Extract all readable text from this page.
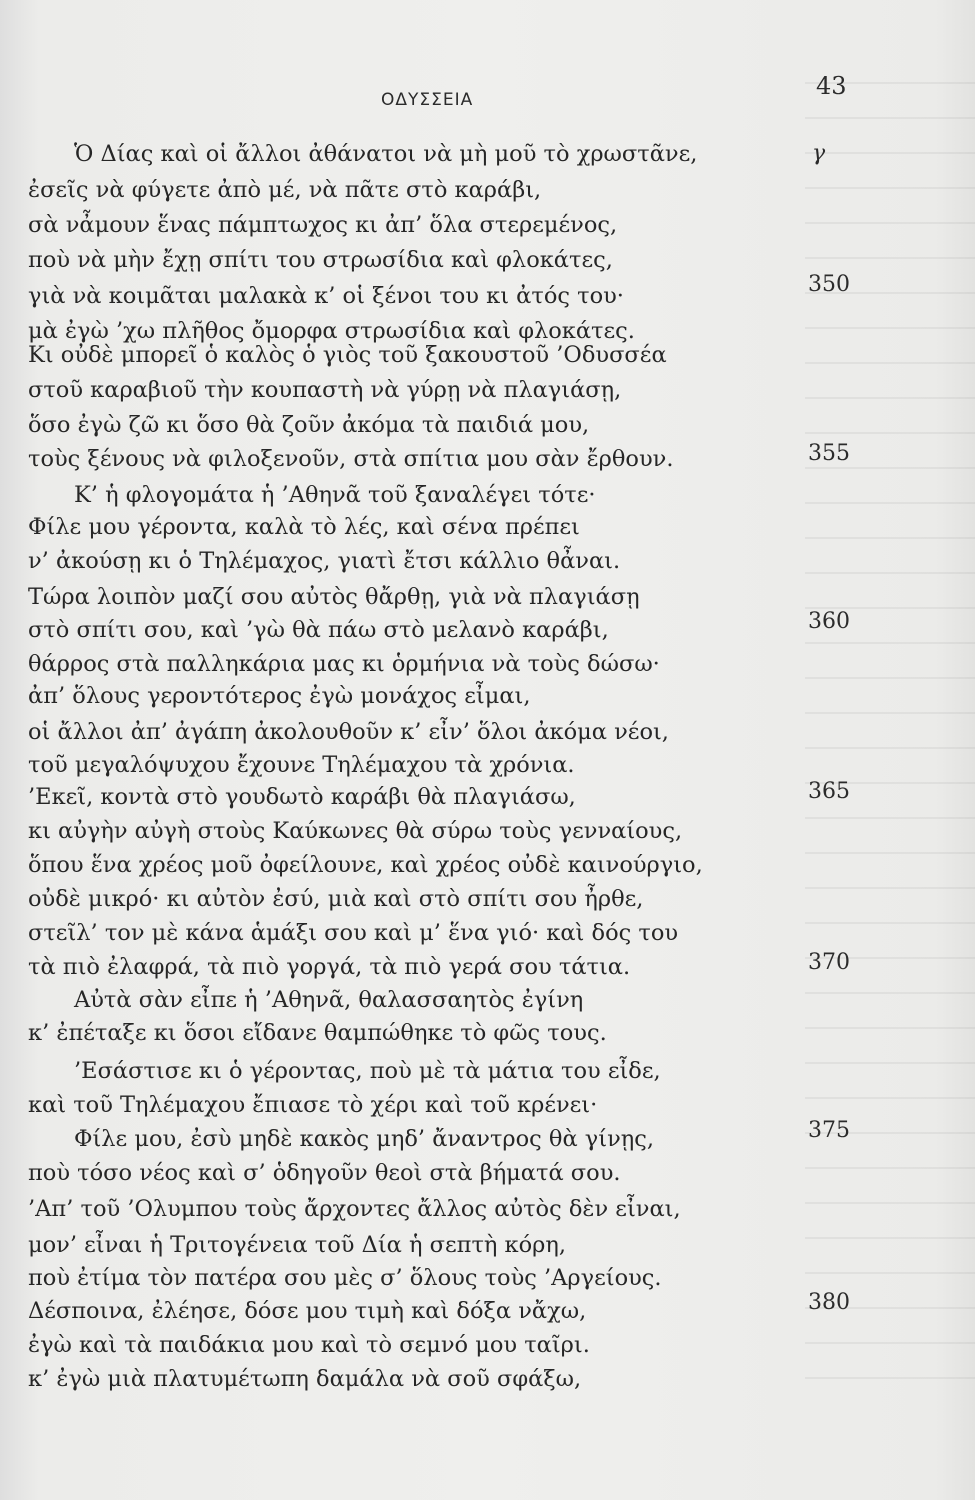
ΟΔΥΣΣΕΙΑ	43
γ
Ὁ Δίας καὶ οἱ ἄλλοι ἀθάνατοι νὰ μὴ μοῦ τὸ χρωστᾶνε,
ἐσεῖς νὰ φύγετε ἀπὸ μέ, νὰ πᾶτε στὸ καράβι,
σὰ νἆμουν ἕνας πάμπτωχος κι ἀπ’ ὅλα στερεμένος,
ποὺ νὰ μὴν ἔχῃ σπίτι του στρωσίδια καὶ φλοκάτες,
γιὰ νὰ κοιμᾶται μαλακὰ κ’ οἱ ξένοι του κι ἀτός του·
μὰ ἐγὼ ’χω πλῆθος ὄμορφα στρωσίδια καὶ φλοκάτες.
Κι οὐδὲ μπορεῖ ὁ καλὸς ὁ γιὸς τοῦ ξακουστοῦ ’Οδυσσέα
στοῦ καραβιοῦ τὴν κουπαστὴ νὰ γύρῃ νὰ πλαγιάσῃ,
ὅσο ἐγὼ ζῶ κι ὅσο θὰ ζοῦν ἀκόμα τὰ παιδιά μου,
τοὺς ξένους νὰ φιλοξενοῦν, στὰ σπίτια μου σὰν ἔρθουν.
Κ’ ἡ φλογομάτα ἡ ’Αθηνᾶ τοῦ ξαναλέγει τότε·
Φίλε μου γέροντα, καλὰ τὸ λές, καὶ σένα πρέπει
ν’ ἀκούσῃ κι ὁ Τηλέμαχος, γιατὶ ἔτσι κάλλιο θἆναι.
Τώρα λοιπὸν μαζί σου αὐτὸς θἄρθῃ, γιὰ νὰ πλαγιάσῃ
στὸ σπίτι σου, καὶ ’γὼ θὰ πάω στὸ μελανὸ καράβι,
θάρρος στὰ παλληκάρια μας κι ὁρμήνια νὰ τοὺς δώσω·
ἀπ’ ὅλους γεροντότερος ἐγὼ μονάχος εἶμαι,
οἱ ἄλλοι ἀπ’ ἀγάπη ἀκολουθοῦν κ’ εἶν’ ὅλοι ἀκόμα νέοι,
τοῦ μεγαλόψυχου ἔχουνε Τηλέμαχου τὰ χρόνια.
’Εκεῖ, κοντὰ στὸ γουδωτὸ καράβι θὰ πλαγιάσω,
κι αὐγὴν αὐγὴ στοὺς Καύκωνες θὰ σύρω τοὺς γενναίους,
ὅπου ἕνα χρέος μοῦ ὀφείλουνε, καὶ χρέος οὐδὲ καινούργιο,
οὐδὲ μικρό· κι αὐτὸν ἐσύ, μιὰ καὶ στὸ σπίτι σου ἦρθε,
στεῖλ’ τον μὲ κάνα ἁμάξι σου καὶ μ’ ἕνα γιό· καὶ δός του
τὰ πιὸ ἐλαφρά, τὰ πιὸ γοργά, τὰ πιὸ γερά σου τάτια.
Αὐτὰ σὰν εἶπε ἡ ’Αθηνᾶ, θαλασσαητὸς ἐγίνη
κ’ ἐπέταξε κι ὅσοι εἴδανε θαμπώθηκε τὸ φῶς τους.
’Εσάστισε κι ὁ γέροντας, ποὺ μὲ τὰ μάτια του εἶδε,
καὶ τοῦ Τηλέμαχου ἔπιασε τὸ χέρι καὶ τοῦ κρένει·
Φίλε μου, ἐσὺ μηδὲ κακὸς μηδ’ ἄναντρος θὰ γίνῃς,
ποὺ τόσο νέος καὶ σ’ ὁδηγοῦν θεοὶ στὰ βήματά σου.
’Απ’ τοῦ ’Ολυμπου τοὺς ἄρχοντες ἄλλος αὐτὸς δὲν εἶναι,
μον’ εἶναι ἡ Τριτογένεια τοῦ Δία ἡ σεπτὴ κόρη,
ποὺ ἐτίμα τὸν πατέρα σου μὲς σ’ ὅλους τοὺς ’Αργείους.
Δέσποινα, ἐλέησε, δόσε μου τιμὴ καὶ δόξα νἄχω,
ἐγὼ καὶ τὰ παιδάκια μου καὶ τὸ σεμνό μου ταῖρι.
κ’ ἐγὼ μιὰ πλατυμέτωπη δαμάλα νὰ σοῦ σφάξω,
350
355
360
365
370
375
380
